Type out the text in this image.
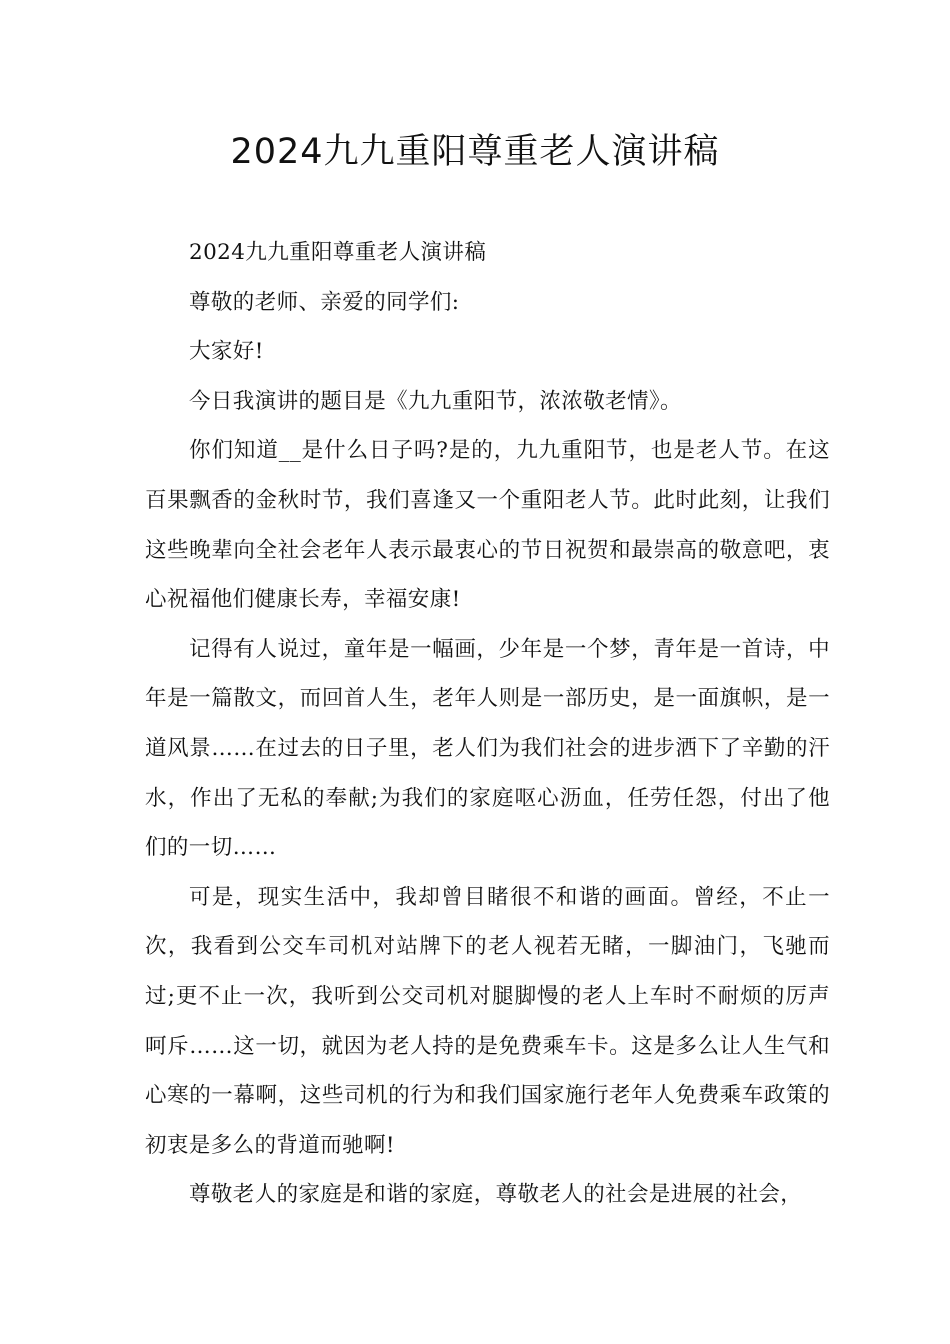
2024九九重阳尊重老人演讲稿

2024九九重阳尊重老人演讲稿

尊敬的老师、亲爱的同学们:

大家好!

今日我演讲的题目是《九九重阳节，浓浓敬老情》。

你们知道__是什么日子吗?是的，九九重阳节，也是老人节。在这百果飘香的金秋时节，我们喜逢又一个重阳老人节。此时此刻，让我们这些晚辈向全社会老年人表示最衷心的节日祝贺和最崇高的敬意吧，衷心祝福他们健康长寿，幸福安康!

记得有人说过，童年是一幅画，少年是一个梦，青年是一首诗，中年是一篇散文，而回首人生，老年人则是一部历史，是一面旗帜，是一道风景……在过去的日子里，老人们为我们社会的进步洒下了辛勤的汗水，作出了无私的奉献;为我们的家庭呕心沥血，任劳任怨，付出了他们的一切……

可是，现实生活中，我却曾目睹很不和谐的画面。曾经，不止一次，我看到公交车司机对站牌下的老人视若无睹，一脚油门，飞驰而过;更不止一次，我听到公交司机对腿脚慢的老人上车时不耐烦的厉声呵斥……这一切，就因为老人持的是免费乘车卡。这是多么让人生气和心寒的一幕啊，这些司机的行为和我们国家施行老年人免费乘车政策的初衷是多么的背道而驰啊!

尊敬老人的家庭是和谐的家庭，尊敬老人的社会是进展的社会，
